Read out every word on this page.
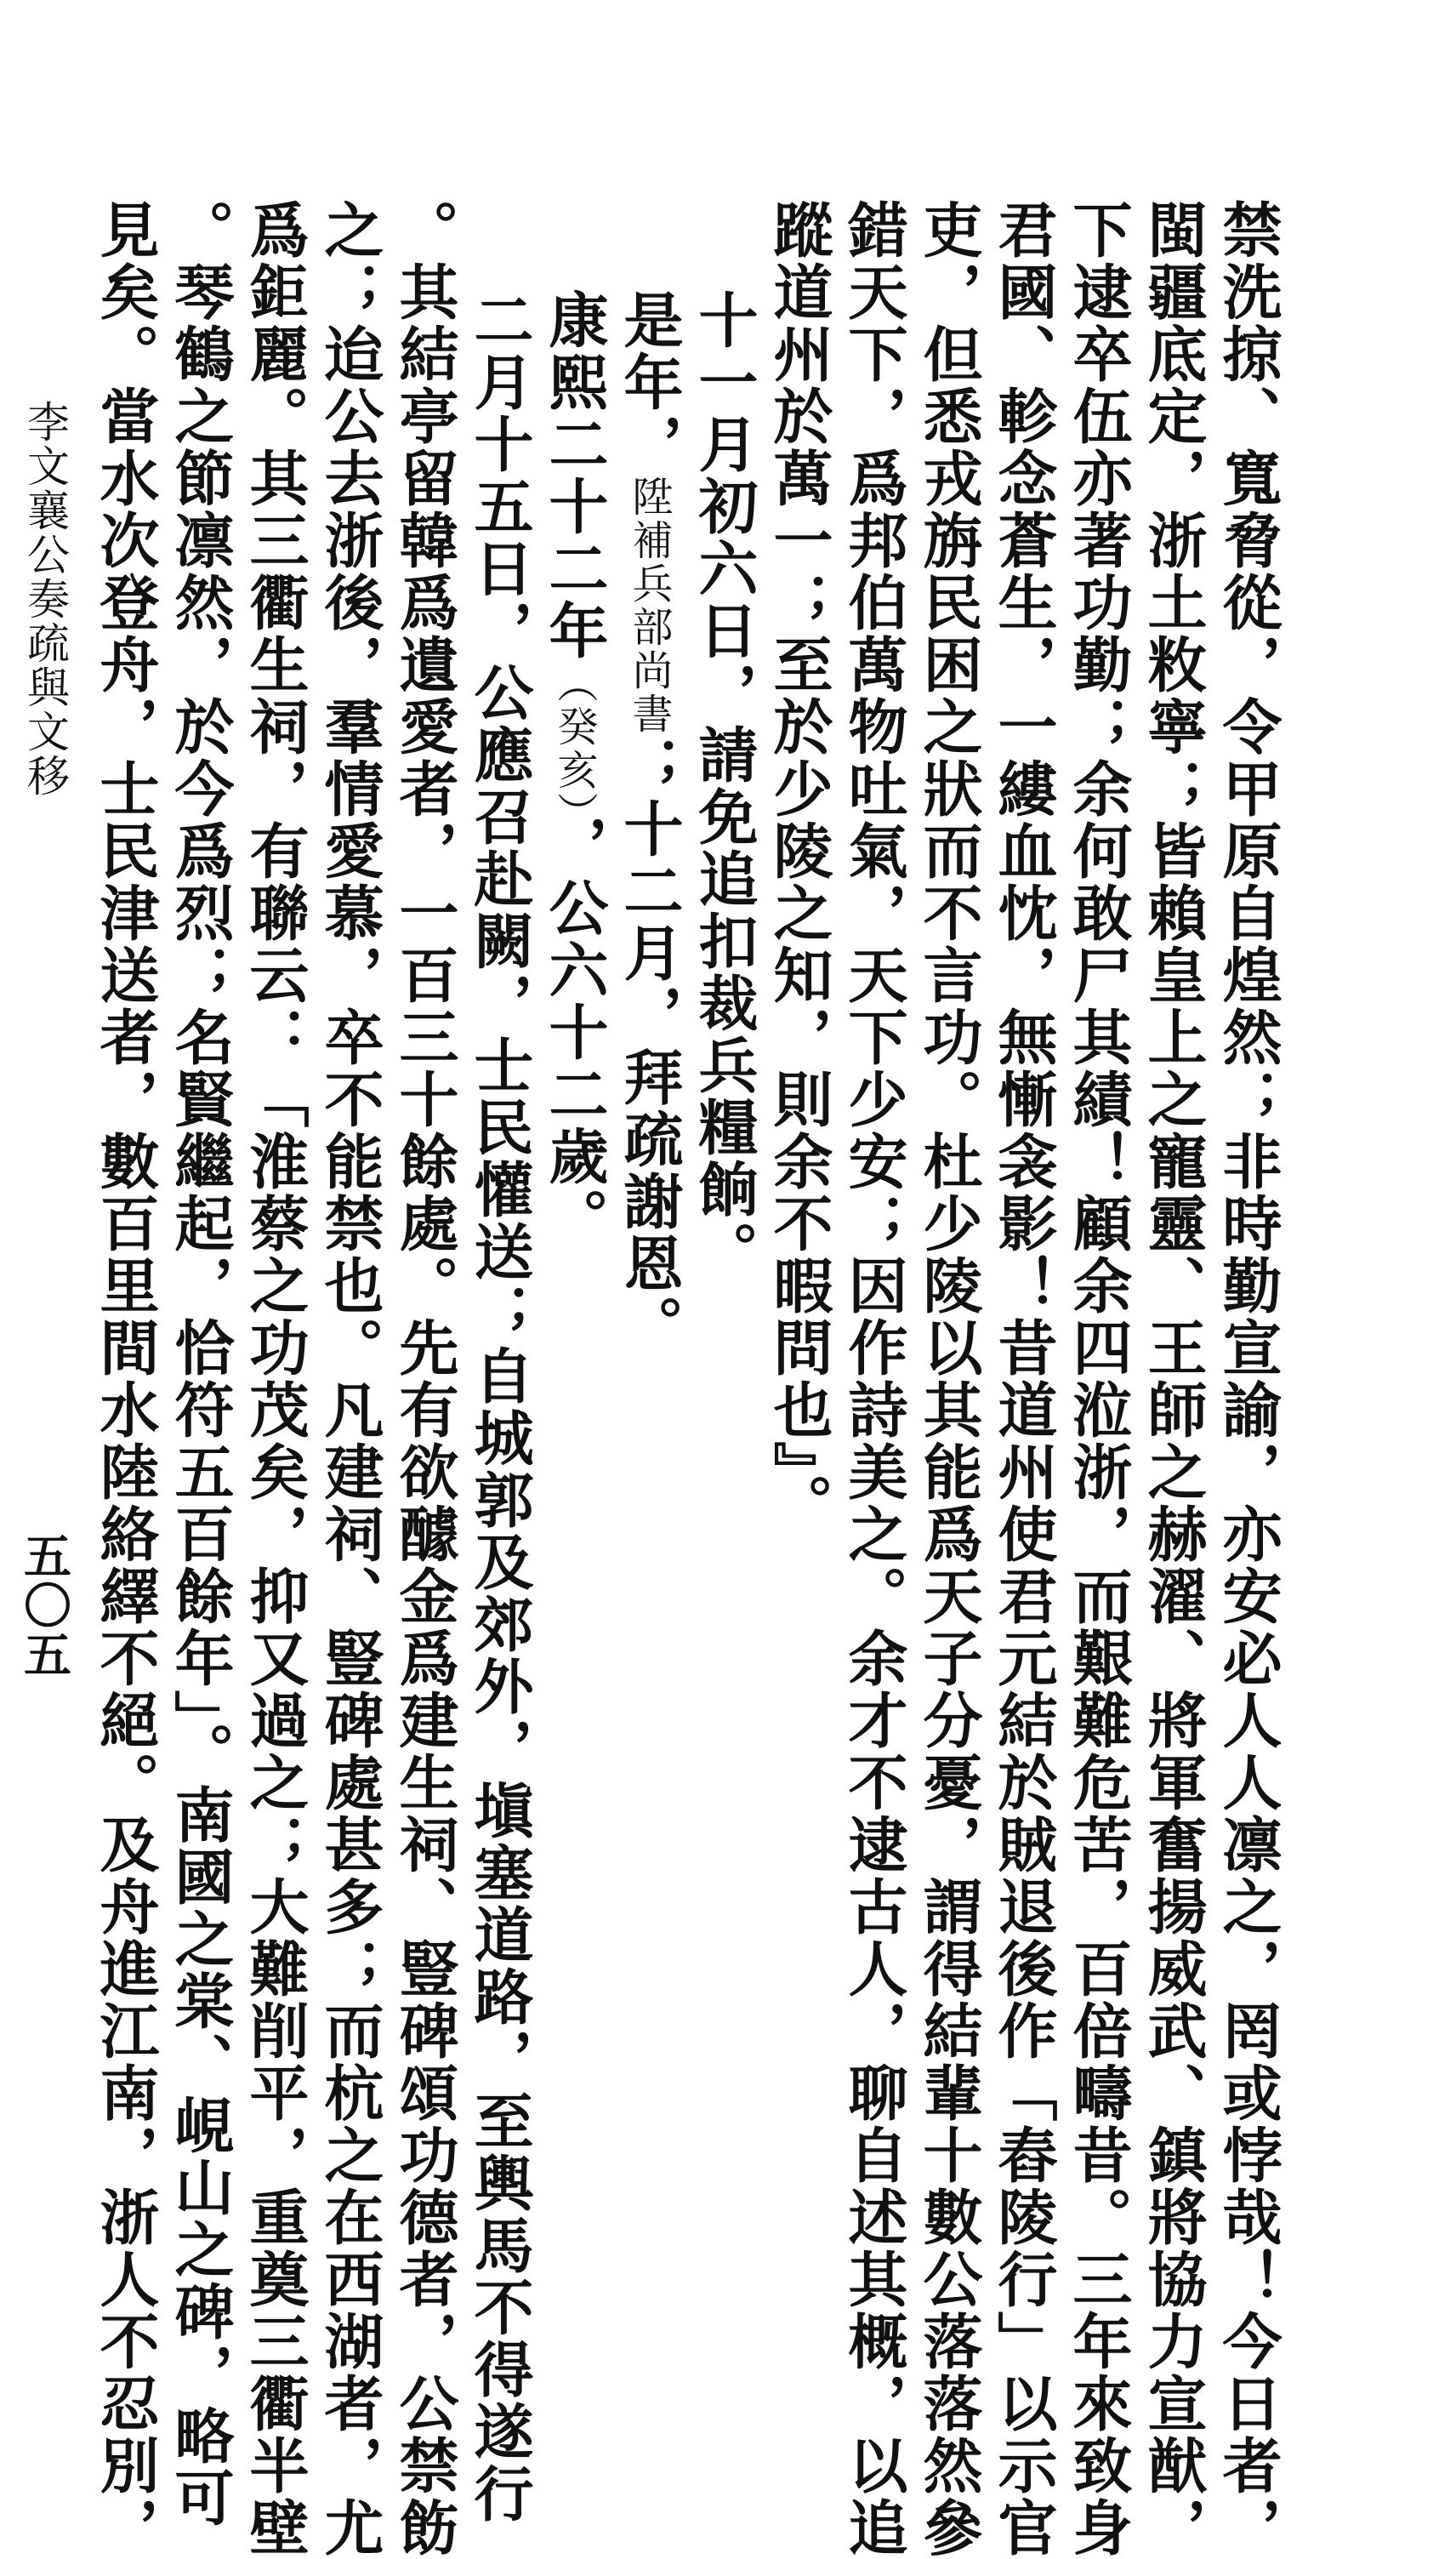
禁洗掠、寬脅從，令甲原自煌然；非時勤宣諭，亦安必人人凛之，罔或悖哉！今日者，
閩疆底定，浙土敉寧；皆賴皇上之寵靈、王師之赫濯、將軍奮揚威武、鎮將協力宣猷，
下逮卒伍亦著功勤；余何敢尸其績！顧余四涖浙，而艱難危苦，百倍疇昔。三年來致身
君國、軫念蒼生，一縷血忱，無慚衾影！昔道州使君元結於賊退後作「舂陵行」以示官
吏，但悉戎旃民困之狀而不言功。杜少陵以其能爲天子分憂，謂得結輩十數公落落然參
錯天下，爲邦伯萬物吐氣，天下少安；因作詩美之。余才不逮古人，聊自述其概，以追
蹤道州於萬一；至於少陵之知，則余不暇問也』。
十一月初六日，請免追扣裁兵糧餉。
是年，陞補兵部尚書；十二月，拜疏謝恩。
康熙二十二年（癸亥），公六十二歲。
二月十五日，公應召赴闕，士民懽送；自城郭及郊外，塡塞道路，至輿馬不得遂行
。其結亭留韓爲遺愛者，一百三十餘處。先有欲醵金爲建生祠、豎碑頌功德者，公禁飭
之；迨公去浙後，羣情愛慕，卒不能禁也。凡建祠、豎碑處甚多；而杭之在西湖者，尤
爲鉅麗。其三衢生祠，有聯云：「淮蔡之功茂矣，抑又過之；大難削平，重奠三衢半壁
。琴鶴之節凛然，於今爲烈；名賢繼起，恰符五百餘年」。南國之棠、峴山之碑，略可
見矣。當水次登舟，士民津送者，數百里間水陸絡繹不絕。及舟進江南，浙人不忍別，
李文襄公奏疏與文移
五〇五
